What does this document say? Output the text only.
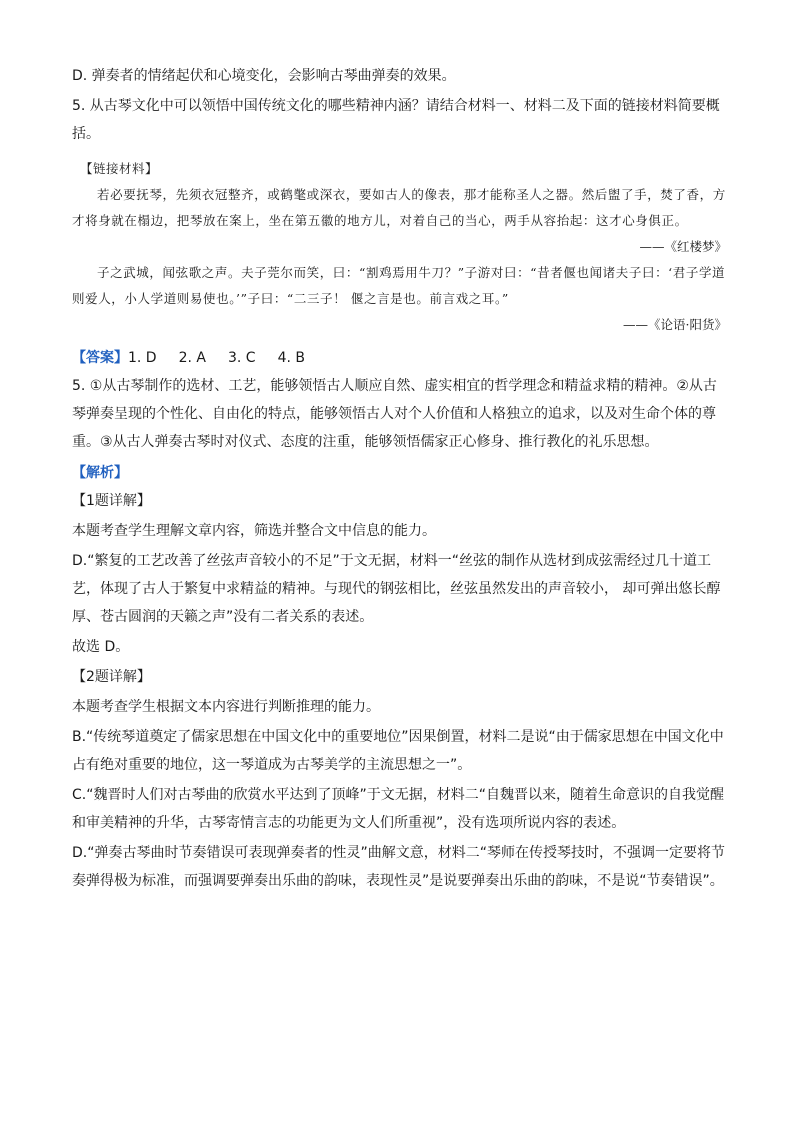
D. 弹奏者的情绪起伏和心境变化，会影响古琴曲弹奏的效果。

5. 从古琴文化中可以领悟中国传统文化的哪些精神内涵？请结合材料一、材料二及下面的链接材料简要概括。

【链接材料】

若必要抚琴，先须衣冠整齐，或鹤氅或深衣，要如古人的像表，那才能称圣人之器。然后盥了手，焚了香，方才将身就在榻边，把琴放在案上，坐在第五徽的地方儿，对着自己的当心，两手从容抬起：这才心身俱正。

——《红楼梦》

子之武城，闻弦歌之声。夫子莞尔而笑，曰：“割鸡焉用牛刀？”子游对曰：“昔者偃也闻诸夫子曰：‘君子学道则爱人，小人学道则易使也。’”子曰：“二三子！ 偃之言是也。前言戏之耳。”

——《论语·阳货》

【答案】1. D 2. A 3. C 4. B

5. ①从古琴制作的选材、工艺，能够领悟古人顺应自然、虚实相宜的哲学理念和精益求精的精神。②从古琴弹奏呈现的个性化、自由化的特点，能够领悟古人对个人价值和人格独立的追求，以及对生命个体的尊重。③从古人弹奏古琴时对仪式、态度的注重，能够领悟儒家正心修身、推行教化的礼乐思想。

【解析】

【1题详解】

本题考查学生理解文章内容，筛选并整合文中信息的能力。

D.“繁复的工艺改善了丝弦声音较小的不足”于文无据，材料一“丝弦的制作从选材到成弦需经过几十道工艺，体现了古人于繁复中求精益的精神。与现代的钢弦相比，丝弦虽然发出的声音较小， 却可弹出悠长醇厚、苍古圆润的天籁之声”没有二者关系的表述。

故选 D。

【2题详解】

本题考查学生根据文本内容进行判断推理的能力。

B.“传统琴道奠定了儒家思想在中国文化中的重要地位”因果倒置，材料二是说“由于儒家思想在中国文化中占有绝对重要的地位，这一琴道成为古琴美学的主流思想之一”。

C.“魏晋时人们对古琴曲的欣赏水平达到了顶峰”于文无据，材料二“自魏晋以来，随着生命意识的自我觉醒和审美精神的升华，古琴寄情言志的功能更为文人们所重视”，没有选项所说内容的表述。

D.“弹奏古琴曲时节奏错误可表现弹奏者的性灵”曲解文意，材料二“琴师在传授琴技时，不强调一定要将节奏弹得极为标准，而强调要弹奏出乐曲的韵味，表现性灵”是说要弹奏出乐曲的韵味，不是说“节奏错误”。
